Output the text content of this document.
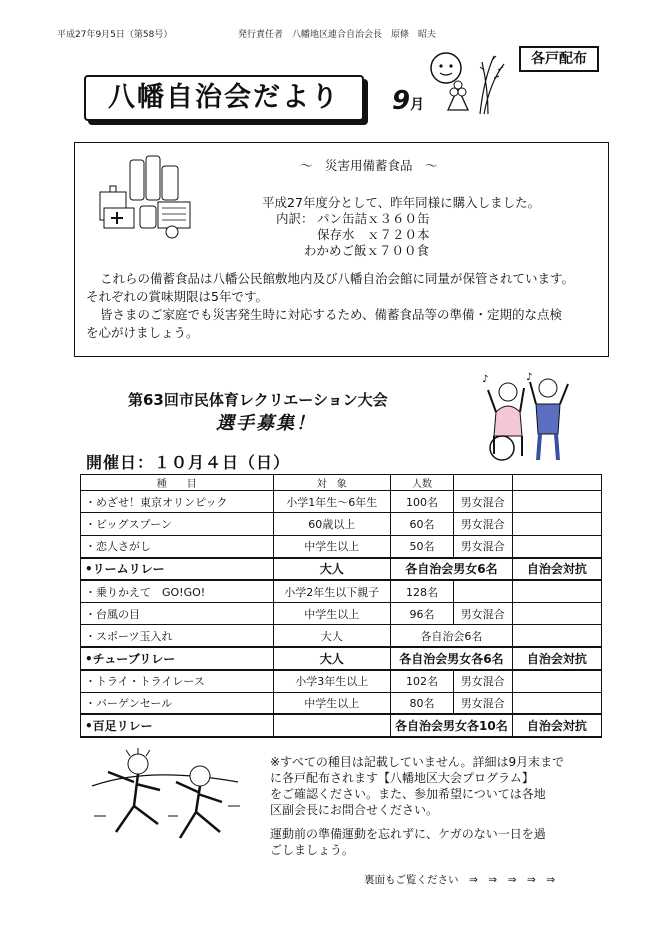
平成27年9月5日（第58号）	発行責任者　八幡地区連合自治会長　原條　昭夫
各戸配布
八幡自治会だより	9月
～　災害用備蓄食品　～
平成27年度分として、昨年同様に購入しました。
内訳： パン缶詰ｘ３６０缶
保存水　ｘ７２０本
わかめご飯ｘ７００食
これらの備蓄食品は八幡公民館敷地内及び八幡自治会館に同量が保管されています。
それぞれの賞味期限は5年です。
皆さまのご家庭でも災害発生時に対応するため、備蓄食品等の準備・定期的な点検
を心がけましょう。
第63回市民体育レクリエーション大会
選手募集！
♪	♪
開催日：１０月４日（日）
種　　目	対　象	人数		
・めざせ！東京オリンピック	小学1年生～6年生	100名	男女混合	
・ビッグスプーン	60歳以上	60名	男女混合	
・恋人さがし	中学生以上	50名	男女混合	
•リームリレー	大人	各自治会男女6名		自治会対抗
・乗りかえて　GO!GO!	小学2年生以下親子	128名		
・台風の目	中学生以上	96名	男女混合	
・スポーツ玉入れ	大人	各自治会6名		
•チューブリレー	大人	各自治会男女各6名		自治会対抗
・トライ・トライレース	小学3年生以上	102名	男女混合	
・バーゲンセール	中学生以上	80名	男女混合	
•百足リレー		各自治会男女各10名		自治会対抗
※すべての種目は記載していません。詳細は9月末まで
に各戸配布されます【八幡地区大会プログラム】
をご確認ください。また、参加希望については各地
区副会長にお問合せください。
運動前の準備運動を忘れずに、ケガのない一日を過
ごしましょう。
裏面もご覧ください　⇒　⇒　⇒　⇒　⇒
